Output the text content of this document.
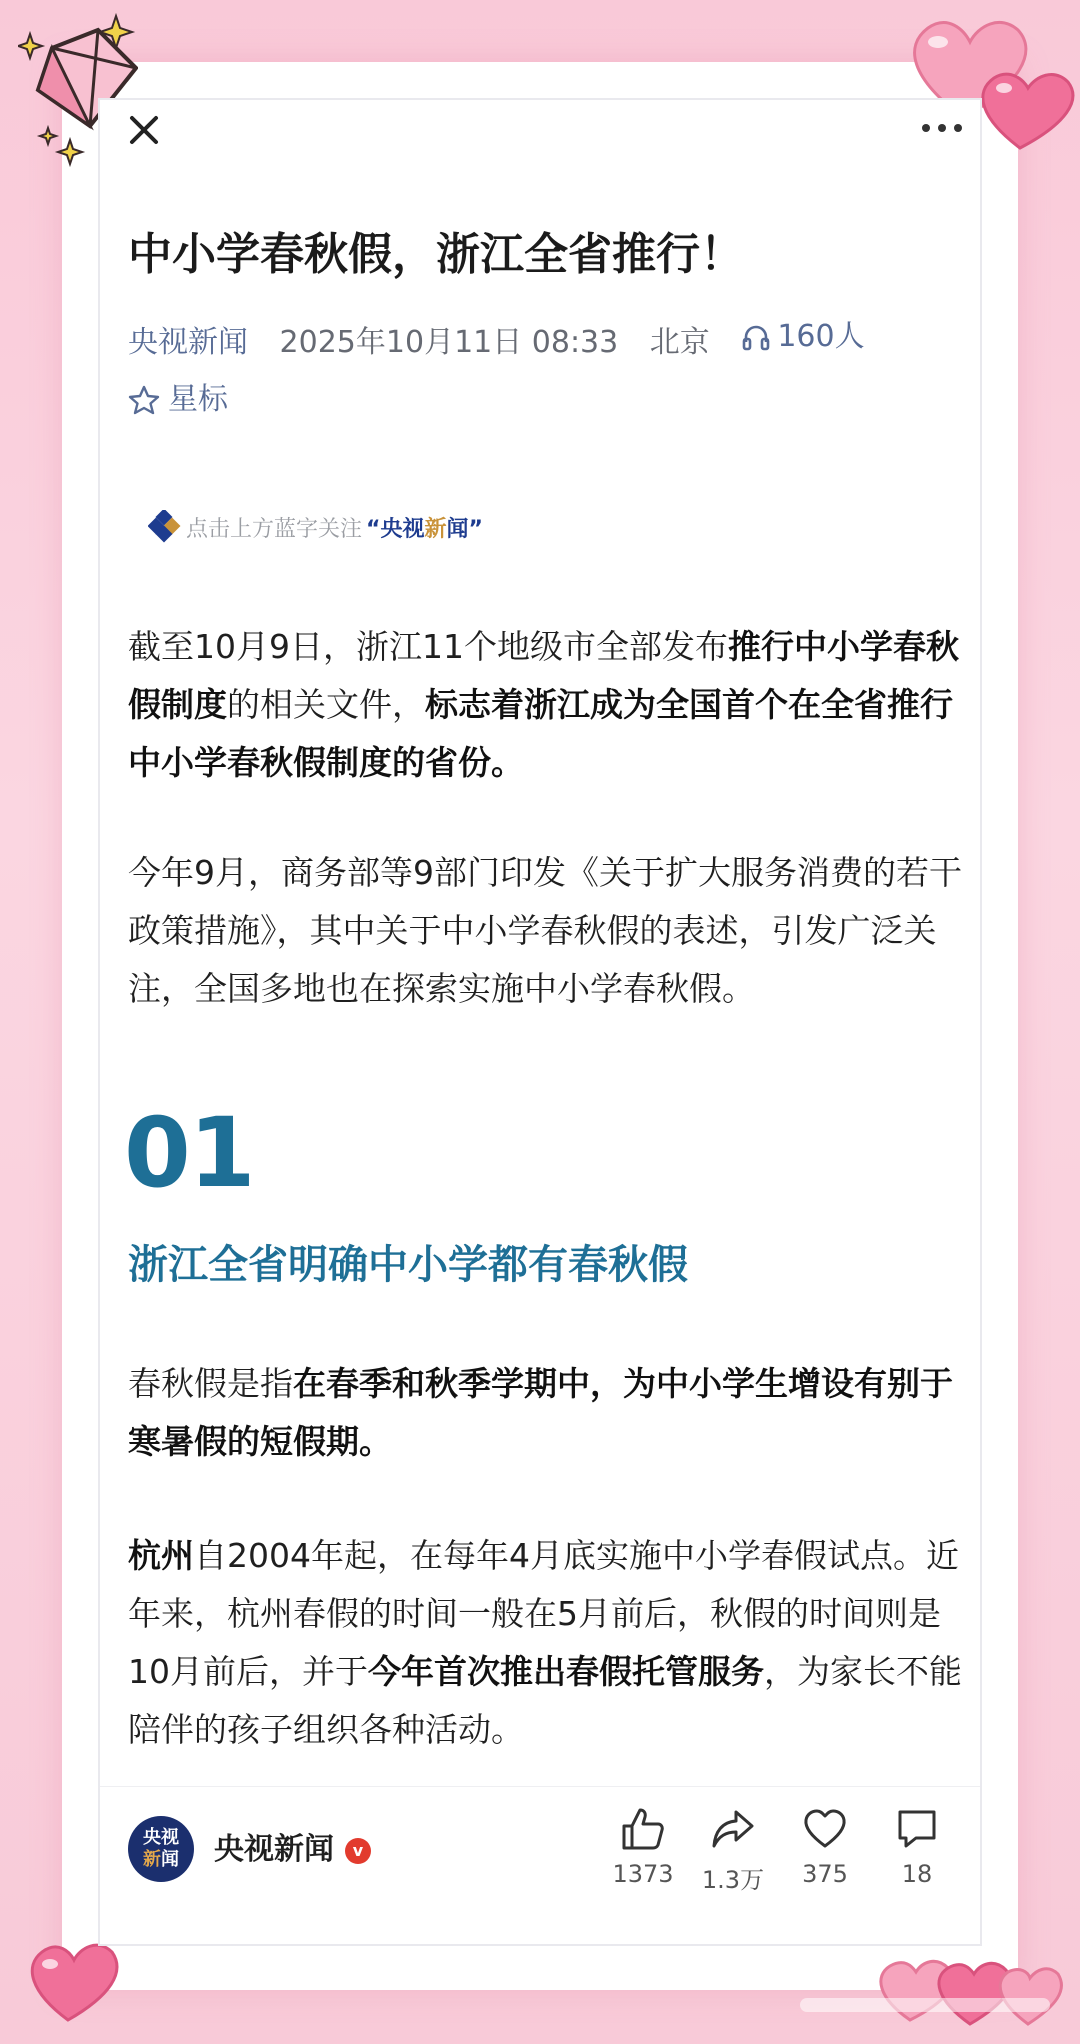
中小学春秋假，浙江全省推行！
央视新闻 2025年10月11日 08:33 北京 160人
星标
点击上方蓝字关注 “央视新闻”

截至10月9日，浙江11个地级市全部发布推行中小学春秋假制度的相关文件，标志着浙江成为全国首个在全省推行中小学春秋假制度的省份。

今年9月，商务部等9部门印发《关于扩大服务消费的若干政策措施》，其中关于中小学春秋假的表述，引发广泛关注，全国多地也在探索实施中小学春秋假。

01
浙江全省明确中小学都有春秋假

春秋假是指在春季和秋季学期中，为中小学生增设有别于寒暑假的短假期。

杭州自2004年起，在每年4月底实施中小学春假试点。近年来，杭州春假的时间一般在5月前后，秋假的时间则是10月前后，并于今年首次推出春假托管服务，为家长不能陪伴的孩子组织各种活动。

央视
新闻 央视新闻	v
1373	1.3万	375	18
